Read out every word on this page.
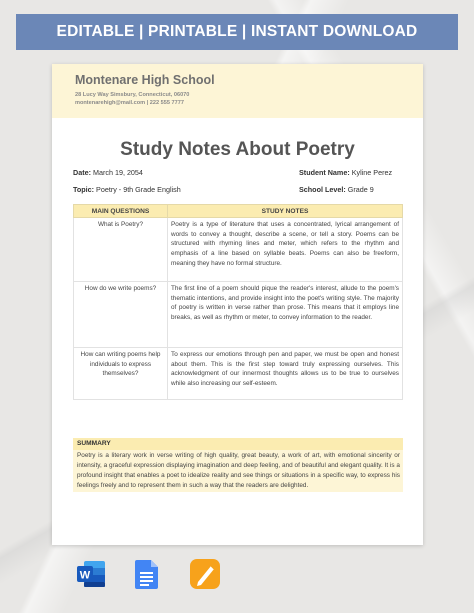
EDITABLE | PRINTABLE | INSTANT DOWNLOAD
Montenare High School
28 Lucy Way Simsbury, Connecticut, 06070
montenarehigh@mail.com | 222 555 7777
Study Notes About Poetry
Date: March 19, 2054	Student Name: Kyline Perez
Topic: Poetry - 9th Grade English	School Level: Grade 9
MAIN QUESTIONS	STUDY NOTES
What is Poetry?	Poetry is a type of literature that uses a concentrated, lyrical arrangement of words to convey a thought, describe a scene, or tell a story. Poems can be structured with rhyming lines and meter, which refers to the rhythm and emphasis of a line based on syllable beats. Poems can also be freeform, meaning they have no formal structure.
How do we write poems?	The first line of a poem should pique the reader's interest, allude to the poem's thematic intentions, and provide insight into the poet's writing style. The majority of poetry is written in verse rather than prose. This means that it employs line breaks, as well as rhythm or meter, to convey information to the reader.
How can writing poems help individuals to express themselves?	To express our emotions through pen and paper, we must be open and honest about them. This is the first step toward truly expressing ourselves. This acknowledgment of our innermost thoughts allows us to be true to ourselves while also increasing our self-esteem.
SUMMARY
Poetry is a literary work in verse writing of high quality, great beauty, a work of art, with emotional sincerity or intensity, a graceful expression displaying imagination and deep feeling, and of beautiful and elegant quality. It is a profound insight that enables a poet to idealize reality and see things or situations in a specific way, to express his feelings freely and to represent them in such a way that the readers are delighted.
W
